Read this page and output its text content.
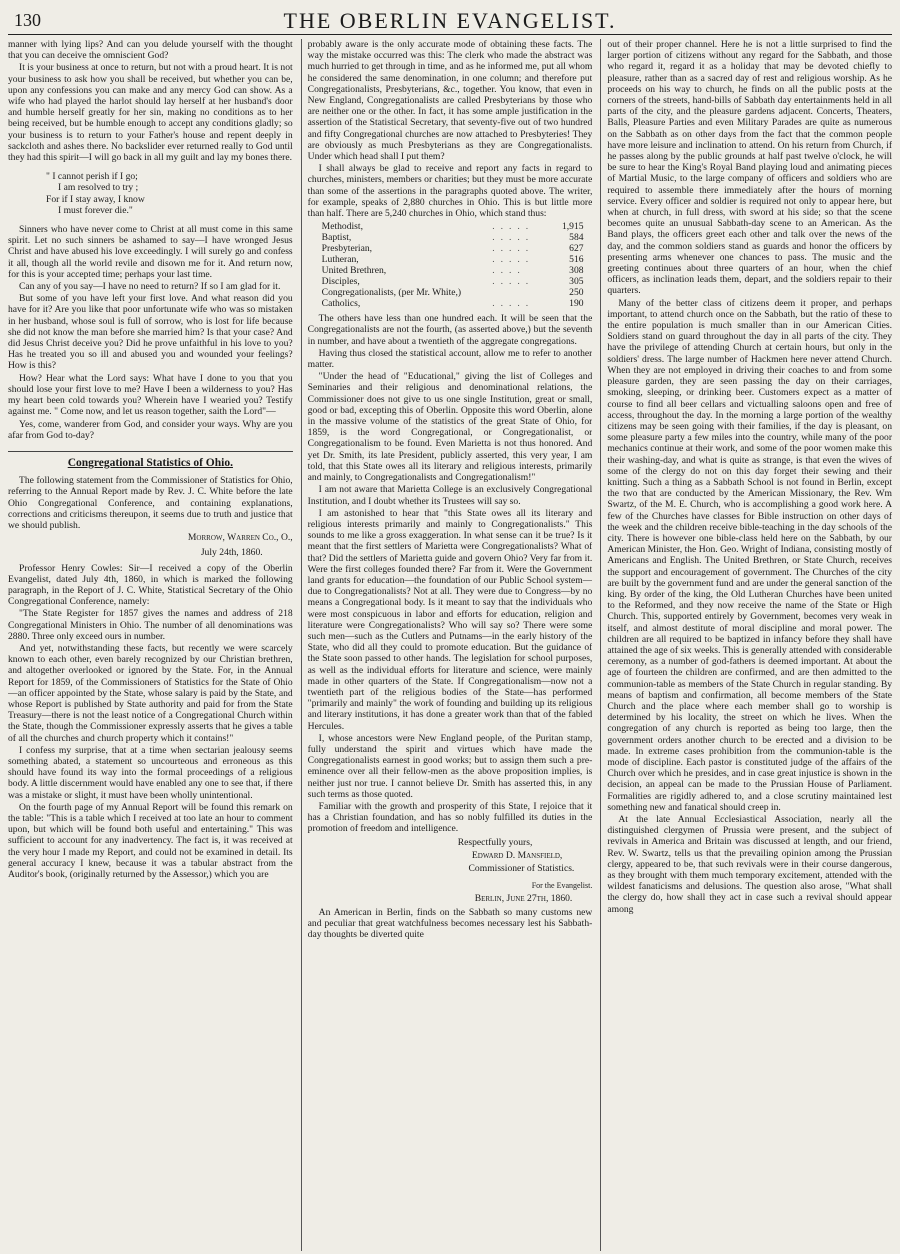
130	THE OBERLIN EVANGELIST.

manner with lying lips? And can you delude yourself with the thought that you can deceive the omniscient God?

It is your business at once to return, but not with a proud heart. It is not your business to ask how you shall be received, but whether you can be, upon any confessions you can make and any mercy God can show. As a wife who had played the harlot should lay herself at her husband's door and humble herself greatly for her sin, making no conditions as to her being received, but be humble enough to accept any conditions gladly; so your business is to return to your Father's house and repent deeply in sackcloth and ashes there. No backslider ever returned really to God until they had this spirit—I will go back in all my guilt and lay my bones there.

" I cannot perish if I go;
I am resolved to try ;
For if I stay away, I know
I must forever die."

Sinners who have never come to Christ at all must come in this same spirit. Let no such sinners be ashamed to say—I have wronged Jesus Christ and have abused his love exceedingly. I will surely go and confess it all, though all the world revile and disown me for it. And return now, for this is your accepted time; perhaps your last time.

Can any of you say—I have no need to return? If so I am glad for it.

But some of you have left your first love. And what reason did you have for it? Are you like that poor unfortunate wife who was so mistaken in her husband, whose soul is full of sorrow, who is lost for life because she did not know the man before she married him? Is that your case? And did Jesus Christ deceive you? Did he prove unfaithful in his love to you? Has he treated you so ill and abused you and wounded your feelings? How is this?

How? Hear what the Lord says: What have I done to you that you should lose your first love to me? Have I been a wilderness to you? Has my heart been cold towards you? Wherein have I wearied you? Testify against me. " Come now, and let us reason together, saith the Lord"—

Yes, come, wanderer from God, and consider your ways. Why are you afar from God to-day?

Congregational Statistics of Ohio.

The following statement from the Commissioner of Statistics for Ohio, referring to the Annual Report made by Rev. J. C. White before the late Ohio Congregational Conference, and containing explanations, corrections and criticisms thereupon, it seems due to truth and justice that we should publish.

Morrow, Warren Co., O.,
July 24th, 1860.

Professor Henry Cowles: Sir—I received a copy of the Oberlin Evangelist, dated July 4th, 1860, in which is marked the following paragraph, in the Report of J. C. White, Statistical Secretary of the Ohio Congregational Conference, namely:

"The State Register for 1857 gives the names and address of 218 Congregational Ministers in Ohio. The number of all denominations was 2880. Three only exceed ours in number.

And yet, notwithstanding these facts, but recently we were scarcely known to each other, even barely recognized by our Christian brethren, and altogether overlooked or ignored by the State. For, in the Annual Report for 1859, of the Commissioners of Statistics for the State of Ohio—an officer appointed by the State, whose salary is paid by the State, and whose Report is published by State authority and paid for from the State Treasury—there is not the least notice of a Congregational Church within the State, though the Commissioner expressly asserts that he gives a table of all the churches and church property which it contains!"

I confess my surprise, that at a time when sectarian jealousy seems something abated, a statement so uncourteous and erroneous as this should have found its way into the formal proceedings of a religious body. A little discernment would have enabled any one to see that, if there was a mistake or slight, it must have been wholly unintentional.

On the fourth page of my Annual Report will be found this remark on the table: "This is a table which I received at too late an hour to comment upon, but which will be found both useful and entertaining." This was sufficient to account for any inadvertency. The fact is, it was received at the very hour I made my Report, and could not be examined in detail. Its general accuracy I knew, because it was a tabular abstract from the Auditor's book, (originally returned by the Assessor,) which you are

probably aware is the only accurate mode of obtaining these facts. The way the mistake occurred was this: The clerk who made the abstract was much hurried to get through in time, and as he informed me, put all whom he considered the same denomination, in one column; and therefore put Congregationalists, Presbyterians, &c., together. You know, that even in New England, Congregationalists are called Presbyterians by those who are neither one or the other. In fact, it has some ample justification in the assertion of the Statistical Secretary, that seventy-five out of two hundred and fifty Congregational churches are now attached to Presbyteries! They are obviously as much Presbyterians as they are Congregationalists. Under which head shall I put them?

I shall always be glad to receive and report any facts in regard to churches, ministers, members or charities; but they must be more accurate than some of the assertions in the paragraphs quoted above. The writer, for example, speaks of 2,880 churches in Ohio. This is but little more than half. There are 5,240 churches in Ohio, which stand thus:

Methodist,	.....	1,915
Baptist,	.....	584
Presbyterian,	.....	627
Lutheran,	.....	516
United Brethren,	....	308
Disciples,	.....	305
Congregationalists, (per Mr. White,)		250
Catholics,	.....	190

The others have less than one hundred each. It will be seen that the Congregationalists are not the fourth, (as asserted above,) but the seventh in number, and have about a twentieth of the aggregate congregations.

Having thus closed the statistical account, allow me to refer to another matter.

"Under the head of "Educational," giving the list of Colleges and Seminaries and their religious and denominational relations, the Commissioner does not give to us one single Institution, great or small, good or bad, excepting this of Oberlin. Opposite this word Oberlin, alone in the massive volume of the statistics of the great State of Ohio, for 1859, is the word Congregational, or Congregationalist, or Congregationalism to be found. Even Marietta is not thus honored. And yet Dr. Smith, its late President, publicly asserted, this very year, I am told, that this State owes all its literary and religious interests, primarily and mainly, to Congregationalists and Congregationalism!"

I am not aware that Marietta College is an exclusively Congregational Institution, and I doubt whether its Trustees will say so.

I am astonished to hear that "this State owes all its literary and religious interests primarily and mainly to Congregationalists." This sounds to me like a gross exaggeration. In what sense can it be true? Is it meant that the first settlers of Marietta were Congregationalists? What of that? Did the settlers of Marietta guide and govern Ohio? Very far from it. Were the first colleges founded there? Far from it. Were the Government land grants for education—the foundation of our Public School system—due to Congregationalists? Not at all. They were due to Congress—by no means a Congregational body. Is it meant to say that the individuals who were most conspicuous in labor and efforts for education, religion and literature were Congregationalists? Who will say so? There were some such men—such as the Cutlers and Putnams—in the early history of the State, who did all they could to promote education. But the guidance of the State soon passed to other hands. The legislation for school purposes, as well as the individual efforts for literature and science, were mainly made in other quarters of the State. If Congregationalism—now not a twentieth part of the religious bodies of the State—has performed "primarily and mainly" the work of founding and building up its religious and literary institutions, it has done a greater work than that of the fabled Hercules.

I, whose ancestors were New England people, of the Puritan stamp, fully understand the spirit and virtues which have made the Congregationalists earnest in good works; but to assign them such a pre-eminence over all their fellow-men as the above proposition implies, is neither just nor true. I cannot believe Dr. Smith has asserted this, in any such terms as those quoted.

Familiar with the growth and prosperity of this State, I rejoice that it has a Christian foundation, and has so nobly fulfilled its duties in the promotion of freedom and intelligence.

Respectfully yours,
Edward D. Mansfield,
Commissioner of Statistics.
For the Evangelist.
Berlin, June 27th, 1860.

An American in Berlin, finds on the Sabbath so many customs new and peculiar that great watchfulness becomes necessary lest his Sabbath-day thoughts be diverted quite

out of their proper channel. Here he is not a little surprised to find the larger portion of citizens without any regard for the Sabbath, and those who regard it, regard it as a holiday that may be devoted chiefly to pleasure, rather than as a sacred day of rest and religious worship. As he proceeds on his way to church, he finds on all the public posts at the corners of the streets, hand-bills of Sabbath day entertainments held in all parts of the city, and the pleasure gardens adjacent. Concerts, Theaters, Balls, Pleasure Parties and even Military Parades are quite as numerous on the Sabbath as on other days from the fact that the common people have more leisure and inclination to attend. On his return from Church, if he passes along by the public grounds at half past twelve o'clock, he will be sure to hear the King's Royal Band playing loud and animating pieces of Martial Music, to the large company of officers and soldiers who are required to assemble there immediately after the hours of morning service. Every officer and soldier is required not only to appear here, but when at church, in full dress, with sword at his side; so that the scene becomes quite an unusual Sabbath-day scene to an American. As the Band plays, the officers greet each other and talk over the news of the day, and the common soldiers stand as guards and honor the officers by presenting arms whenever one chances to pass. The music and the greeting continues about three quarters of an hour, when the chief officers, as inclination leads them, depart, and the soldiers repair to their quarters.

Many of the better class of citizens deem it proper, and perhaps important, to attend church once on the Sabbath, but the ratio of these to the entire population is much smaller than in our American Cities. Soldiers stand on guard throughout the day in all parts of the city. They have the privilege of attending Church at certain hours, but only in the soldiers' dress. The large number of Hackmen here never attend Church. When they are not employed in driving their coaches to and from some pleasure garden, they are seen passing the day on their carriages, smoking, sleeping, or drinking beer. Customers expect as a matter of course to find all beer cellars and victualling saloons open and free of access, throughout the day. In the morning a large portion of the wealthy citizens may be seen going with their families, if the day is pleasant, on some pleasure party a few miles into the country, while many of the poor mechanics continue at their work, and some of the poor women make this their washing-day, and what is quite as strange, is that even the wives of some of the clergy do not on this day forget their sewing and their knitting. Such a thing as a Sabbath School is not found in Berlin, except the two that are conducted by the American Missionary, the Rev. Wm Swartz, of the M. E. Church, who is accomplishing a good work here. A few of the Churches have classes for Bible instruction on other days of the week and the children receive bible-teaching in the day schools of the city. There is however one bible-class held here on the Sabbath, by our American Minister, the Hon. Geo. Wright of Indiana, consisting mostly of Americans and English. The United Brethren, or State Church, receives the support and encouragement of government. The Churches of the city are built by the government fund and are under the general sanction of the king. By order of the king, the Old Lutheran Churches have been united to the Reformed, and they now receive the name of the State or High Church. This, supported entirely by Government, becomes very weak in itself, and almost destitute of moral discipline and moral power. The children are all required to be baptized in infancy before they shall have attained the age of six weeks. This is generally attended with considerable ceremony, as a number of god-fathers is deemed important. At about the age of fourteen the children are confirmed, and are then admitted to the communion-table as members of the State Church in regular standing. By means of baptism and confirmation, all become members of the State Church and the place where each member shall go to worship is determined by his locality, the street on which he lives. When the congregation of any church is reported as being too large, then the government orders another church to be erected and a division to be made. In extreme cases prohibition from the communion-table is the mode of discipline. Each pastor is constituted judge of the affairs of the Church over which he presides, and in case great injustice is shown in the decision, an appeal can be made to the Prussian House of Parliament. Formalities are rigidly adhered to, and a close scrutiny maintained lest something new and fanatical should creep in.

At the late Annual Ecclesiastical Association, nearly all the distinguished clergymen of Prussia were present, and the subject of revivals in America and Britain was discussed at length, and our friend, Rev. W. Swartz, tells us that the prevailing opinion among the Prussian clergy, appeared to be, that such revivals were in their course dangerous, as they brought with them much temporary excitement, attended with the wildest fanaticisms and delusions. The question also arose, "What shall the clergy do, how shall they act in case such a revival should appear among
